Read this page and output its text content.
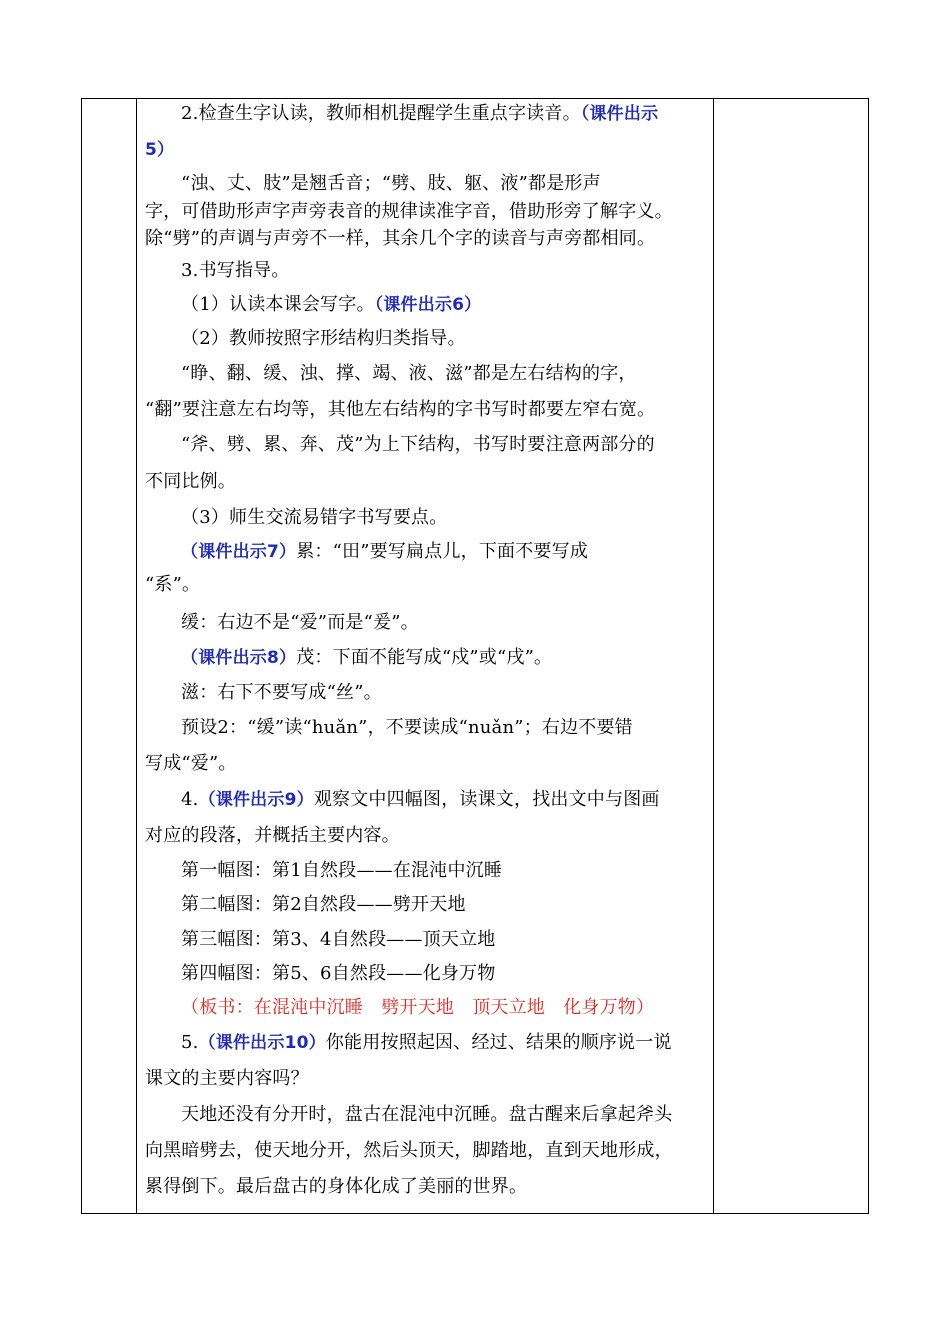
2.检查生字认读，教师相机提醒学生重点字读音。（课件出示
5）
“浊、丈、肢”是翘舌音；“劈、肢、躯、液”都是形声
字，可借助形声字声旁表音的规律读准字音，借助形旁了解字义。
除“劈”的声调与声旁不一样，其余几个字的读音与声旁都相同。
3.书写指导。
（1）认读本课会写字。（课件出示6）
（2）教师按照字形结构归类指导。
“睁、翻、缓、浊、撑、竭、液、滋”都是左右结构的字，
“翻”要注意左右均等，其他左右结构的字书写时都要左窄右宽。
“斧、劈、累、奔、茂”为上下结构，书写时要注意两部分的
不同比例。
（3）师生交流易错字书写要点。
（课件出示7）累：“田”要写扁点儿，下面不要写成
“系”。
缓：右边不是“爱”而是“爰”。
（课件出示8）茂：下面不能写成“戍”或“戌”。
滋：右下不要写成“丝”。
预设2：“缓”读“huǎn”，不要读成“nuǎn”；右边不要错
写成“爱”。
4.（课件出示9）观察文中四幅图，读课文，找出文中与图画
对应的段落，并概括主要内容。
第一幅图：第1自然段——在混沌中沉睡
第二幅图：第2自然段——劈开天地
第三幅图：第3、4自然段——顶天立地
第四幅图：第5、6自然段——化身万物
（板书：在混沌中沉睡　劈开天地　顶天立地　化身万物）
5.（课件出示10）你能用按照起因、经过、结果的顺序说一说
课文的主要内容吗？
天地还没有分开时，盘古在混沌中沉睡。盘古醒来后拿起斧头
向黑暗劈去，使天地分开，然后头顶天，脚踏地，直到天地形成，
累得倒下。最后盘古的身体化成了美丽的世界。
